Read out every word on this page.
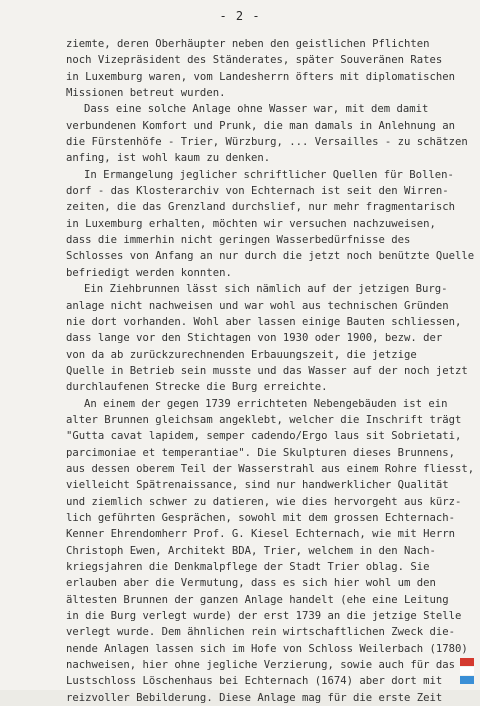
- 2 -
ziemte, deren Oberhäupter neben den geistlichen Pflichten
noch Vizepräsident des Ständerates, später Souveränen Rates
in Luxemburg waren, vom Landesherrn öfters mit diplomatischen
Missionen betreut wurden.
Dass eine solche Anlage ohne Wasser war, mit dem damit
verbundenen Komfort und Prunk, die man damals in Anlehnung an
die Fürstenhöfe - Trier, Würzburg, ... Versailles - zu schätzen
anfing, ist wohl kaum zu denken.
In Ermangelung jeglicher schriftlicher Quellen für Bollen-
dorf - das Klosterarchiv von Echternach ist seit den Wirren-
zeiten, die das Grenzland durchslief, nur mehr fragmentarisch
in Luxemburg erhalten, möchten wir versuchen nachzuweisen,
dass die immerhin nicht geringen Wasserbedürfnisse des
Schlosses von Anfang an nur durch die jetzt noch benützte Quelle
befriedigt werden konnten.
Ein Ziehbrunnen lässt sich nämlich auf der jetzigen Burg-
anlage nicht nachweisen und war wohl aus technischen Gründen
nie dort vorhanden. Wohl aber lassen einige Bauten schliessen,
dass lange vor den Stichtagen von 1930 oder 1900, bezw. der
von da ab zurückzurechnenden Erbauungszeit, die jetzige
Quelle in Betrieb sein musste und das Wasser auf der noch jetzt
durchlaufenen Strecke die Burg erreichte.
An einem der gegen 1739 errichteten Nebengebäuden ist ein
alter Brunnen gleichsam angeklebt, welcher die Inschrift trägt
"Gutta cavat lapidem, semper cadendo/Ergo laus sit Sobrietati,
parcimoniae et temperantiae". Die Skulpturen dieses Brunnens,
aus dessen oberem Teil der Wasserstrahl aus einem Rohre fliesst,
vielleicht Spätrenaissance, sind nur handwerklicher Qualität
und ziemlich schwer zu datieren, wie dies hervorgeht aus kürz-
lich geführten Gesprächen, sowohl mit dem grossen Echternach-
Kenner Ehrendomherr Prof. G. Kiesel Echternach, wie mit Herrn
Christoph Ewen, Architekt BDA, Trier, welchem in den Nach-
kriegsjahren die Denkmalpflege der Stadt Trier oblag. Sie
erlauben aber die Vermutung, dass es sich hier wohl um den
ältesten Brunnen der ganzen Anlage handelt (ehe eine Leitung
in die Burg verlegt wurde) der erst 1739 an die jetzige Stelle
verlegt wurde. Dem ähnlichen rein wirtschaftlichen Zweck die-
nende Anlagen lassen sich im Hofe von Schloss Weilerbach (1780)
nachweisen, hier ohne jegliche Verzierung, sowie auch für das
Lustschloss Löschenhaus bei Echternach (1674) aber dort mit
reizvoller Bebilderung. Diese Anlage mag für die erste Zeit
